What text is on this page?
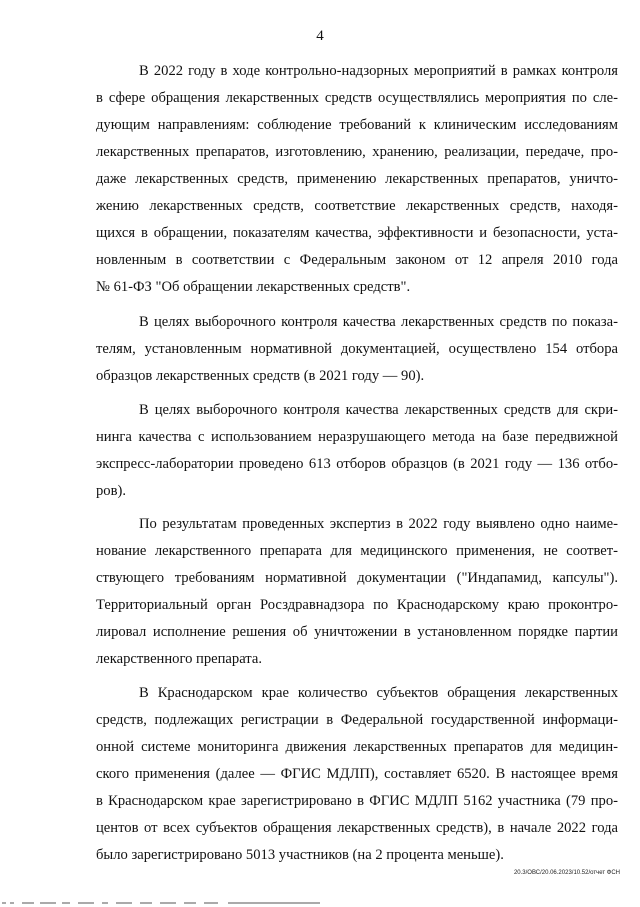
4
В 2022 году в ходе контрольно-надзорных мероприятий в рамках контроля
в сфере обращения лекарственных средств осуществлялись мероприятия по сле-
дующим направлениям: соблюдение требований к клиническим исследованиям
лекарственных препаратов, изготовлению, хранению, реализации, передаче, про-
даже лекарственных средств, применению лекарственных препаратов, уничто-
жению лекарственных средств, соответствие лекарственных средств, находя-
щихся в обращении, показателям качества, эффективности и безопасности, уста-
новленным в соответствии с Федеральным законом от 12 апреля 2010 года
№ 61-ФЗ "Об обращении лекарственных средств".
В целях выборочного контроля качества лекарственных средств по показа-
телям, установленным нормативной документацией, осуществлено 154 отбора
образцов лекарственных средств (в 2021 году — 90).
В целях выборочного контроля качества лекарственных средств для скри-
нинга качества с использованием неразрушающего метода на базе передвижной
экспресс-лаборатории проведено 613 отборов образцов (в 2021 году — 136 отбо-
ров).
По результатам проведенных экспертиз в 2022 году выявлено одно наиме-
нование лекарственного препарата для медицинского применения, не соответ-
ствующего требованиям нормативной документации ("Индапамид, капсулы").
Территориальный орган Росздравнадзора по Краснодарскому краю проконтро-
лировал исполнение решения об уничтожении в установленном порядке партии
лекарственного препарата.
В Краснодарском крае количество субъектов обращения лекарственных
средств, подлежащих регистрации в Федеральной государственной информаци-
онной системе мониторинга движения лекарственных препаратов для медицин-
ского применения (далее — ФГИС МДЛП), составляет 6520. В настоящее время
в Краснодарском крае зарегистрировано в ФГИС МДЛП 5162 участника (79 про-
центов от всех субъектов обращения лекарственных средств), в начале 2022 года
было зарегистрировано 5013 участников (на 2 процента меньше).
20.3/ОВС/20.06.2023/10.52/отчет ФСН
